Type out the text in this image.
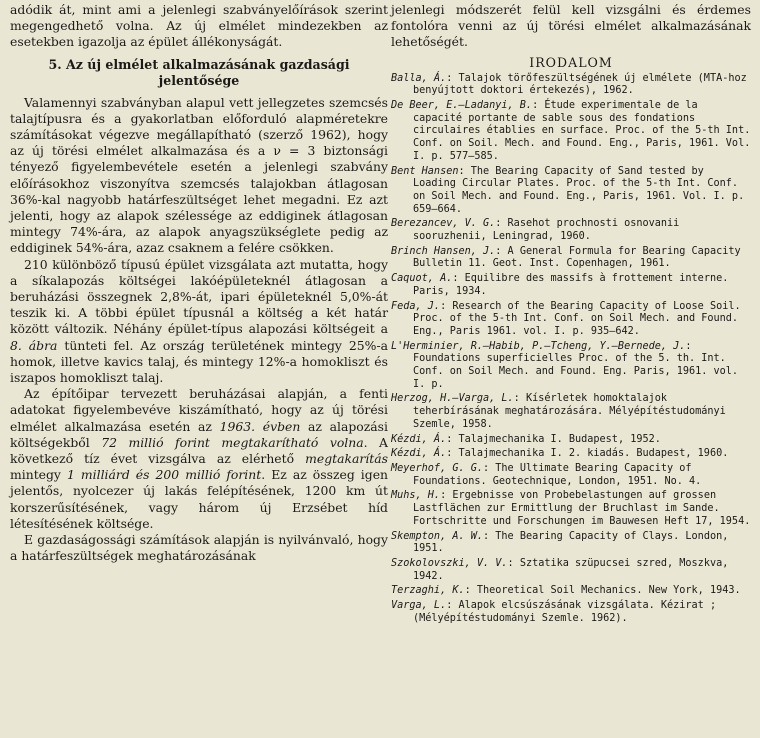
adódik át, mint ami a jelenlegi szabványelőírások szerint megengedhető volna. Az új elmélet mindezekben az esetekben igazolja az épület állékonyságát.

5. Az új elmélet alkalmazásának gazdasági jelentősége

Valamennyi szabványban alapul vett jellegzetes szemcsés talajtípusra és a gyakorlatban előforduló alapméretekre számításokat végezve megállapítható (szerző 1962), hogy az új törési elmélet alkalmazása és a ν = 3 biztonsági tényező figyelembevétele esetén a jelenlegi szabvány előírásokhoz viszonyítva szemcsés talajokban átlagosan 36%-kal nagyobb határfeszültséget lehet megadni. Ez azt jelenti, hogy az alapok szélessége az eddiginek átlagosan mintegy 74%-ára, az alapok anyagszükséglete pedig az eddiginek 54%-ára, azaz csaknem a felére csökken.

210 különböző típusú épület vizsgálata azt mutatta, hogy a síkalapozás költségei lakóépületeknél átlagosan a beruházási összegnek 2,8%-át, ipari épületeknél 5,0%-át teszik ki. A többi épület típusnál a költség a két határ között változik. Néhány épület-típus alapozási költségeit a 8. ábra tünteti fel. Az ország területének mintegy 25%-a homok, illetve kavics talaj, és mintegy 12%-a homokliszt és iszapos homokliszt talaj.

Az építőipar tervezett beruházásai alapján, a fenti adatokat figyelembevéve kiszámítható, hogy az új törési elmélet alkalmazása esetén az 1963. évben az alapozási költségekből 72 millió forint megtakarítható volna. A következő tíz évet vizsgálva az elérhető megtakarítás mintegy 1 milliárd és 200 millió forint. Ez az összeg igen jelentős, nyolcezer új lakás felépítésének, 1200 km út korszerűsítésének, vagy három új Erzsébet híd létesítésének költsége.

E gazdaságossági számítások alapján is nyilvánvaló, hogy a határfeszültségek meghatározásának

jelenlegi módszerét felül kell vizsgálni és érdemes fontolóra venni az új törési elmélet alkalmazásának lehetőségét.

IRODALOM

Balla, Á.: Talajok törőfeszültségének új elmélete (MTA-hoz benyújtott doktori értekezés), 1962.

De Beer, E.—Ladanyi, B.: Étude experimentale de la capacité portante de sable sous des fondations circulaires établies en surface. Proc. of the 5-th Int. Conf. on Soil. Mech. and Found. Eng., Paris, 1961. Vol. I. p. 577—585.

Bent Hansen: The Bearing Capacity of Sand tested by Loading Circular Plates. Proc. of the 5-th Int. Conf. on Soil Mech. and Found. Eng., Paris, 1961. Vol. I. p. 659—664.

Berezancev, V. G.: Rasehot prochnosti osnovanii sooruzhenii, Leningrad, 1960.

Brinch Hansen, J.: A General Formula for Bearing Capacity Bulletin 11. Geot. Inst. Copenhagen, 1961.

Caquot, A.: Equilibre des massifs à frottement interne. Paris, 1934.

Feda, J.: Research of the Bearing Capacity of Loose Soil. Proc. of the 5-th Int. Conf. on Soil Mech. and Found. Eng., Paris 1961. vol. I. p. 935—642.

L'Herminier, R.—Habib, P.—Tcheng, Y.—Bernede, J.: Foundations superficielles Proc. of the 5. th. Int. Conf. on Soil Mech. and Found. Eng. Paris, 1961. vol. I. p.

Herzog, H.—Varga, L.: Kísérletek homoktalajok teherbírásának meghatározására. Mélyépítéstudományi Szemle, 1958.

Kézdi, Á.: Talajmechanika I. Budapest, 1952.

Kézdi, Á.: Talajmechanika I. 2. kiadás. Budapest, 1960.

Meyerhof, G. G.: The Ultimate Bearing Capacity of Foundations. Geotechnique, London, 1951. No. 4.

Muhs, H.: Ergebnisse von Probebelastungen auf grossen Lastflächen zur Ermittlung der Bruchlast im Sande. Fortschritte und Forschungen im Bauwesen Heft 17, 1954.

Skempton, A. W.: The Bearing Capacity of Clays. London, 1951.

Szokolovszki, V. V.: Sztatika szüpucsei szred, Moszkva, 1942.

Terzaghi, K.: Theoretical Soil Mechanics. New York, 1943.

Varga, L.: Alapok elcsúszásának vizsgálata. Kézirat ; (Mélyépítéstudományi Szemle. 1962).
